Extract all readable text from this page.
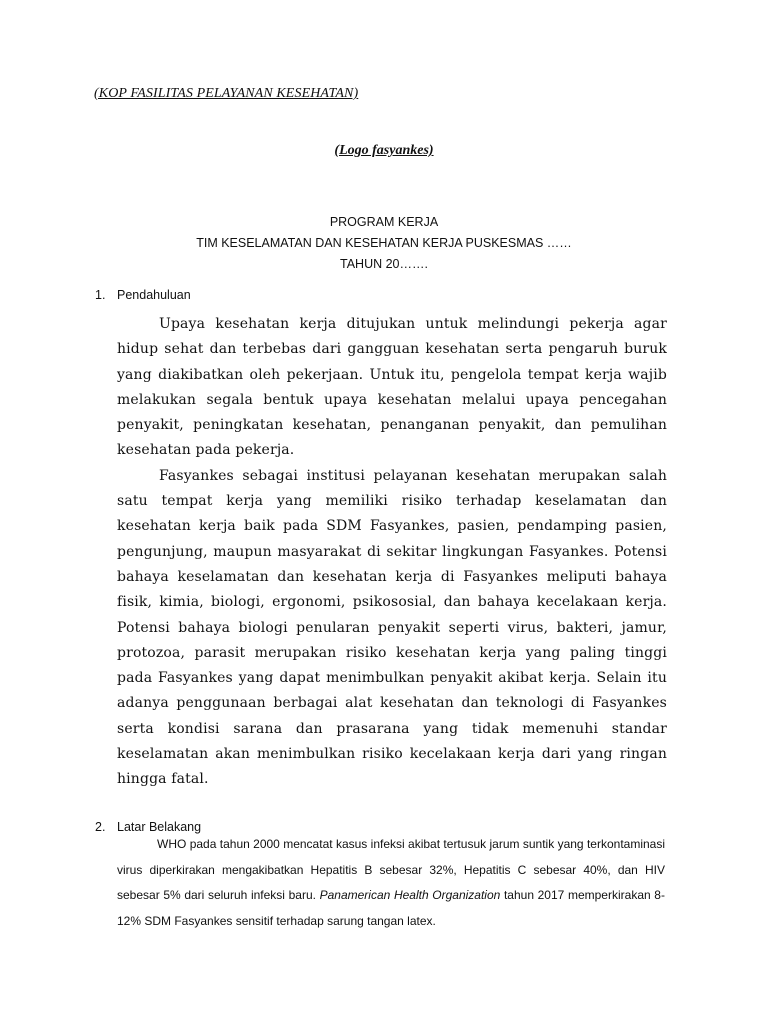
(KOP FASILITAS PELAYANAN KESEHATAN)
(Logo fasyankes)
PROGRAM KERJA
TIM KESELAMATAN DAN KESEHATAN KERJA PUSKESMAS ……
TAHUN 20…….
1. Pendahuluan

Upaya kesehatan kerja ditujukan untuk melindungi pekerja agar hidup sehat dan terbebas dari gangguan kesehatan serta pengaruh buruk yang diakibatkan oleh pekerjaan. Untuk itu, pengelola tempat kerja wajib melakukan segala bentuk upaya kesehatan melalui upaya pencegahan penyakit, peningkatan kesehatan, penanganan penyakit, dan pemulihan kesehatan pada pekerja.

Fasyankes sebagai institusi pelayanan kesehatan merupakan salah satu tempat kerja yang memiliki risiko terhadap keselamatan dan kesehatan kerja baik pada SDM Fasyankes, pasien, pendamping pasien, pengunjung, maupun masyarakat di sekitar lingkungan Fasyankes. Potensi bahaya keselamatan dan kesehatan kerja di Fasyankes meliputi bahaya fisik, kimia, biologi, ergonomi, psikososial, dan bahaya kecelakaan kerja. Potensi bahaya biologi penularan penyakit seperti virus, bakteri, jamur, protozoa, parasit merupakan risiko kesehatan kerja yang paling tinggi pada Fasyankes yang dapat menimbulkan penyakit akibat kerja. Selain itu adanya penggunaan berbagai alat kesehatan dan teknologi di Fasyankes serta kondisi sarana dan prasarana yang tidak memenuhi standar keselamatan akan menimbulkan risiko kecelakaan kerja dari yang ringan hingga fatal.

2. Latar Belakang

WHO pada tahun 2000 mencatat kasus infeksi akibat tertusuk jarum suntik yang terkontaminasi virus diperkirakan mengakibatkan Hepatitis B sebesar 32%, Hepatitis C sebesar 40%, dan HIV sebesar 5% dari seluruh infeksi baru. Panamerican Health Organization tahun 2017 memperkirakan 8-12% SDM Fasyankes sensitif terhadap sarung tangan latex.
